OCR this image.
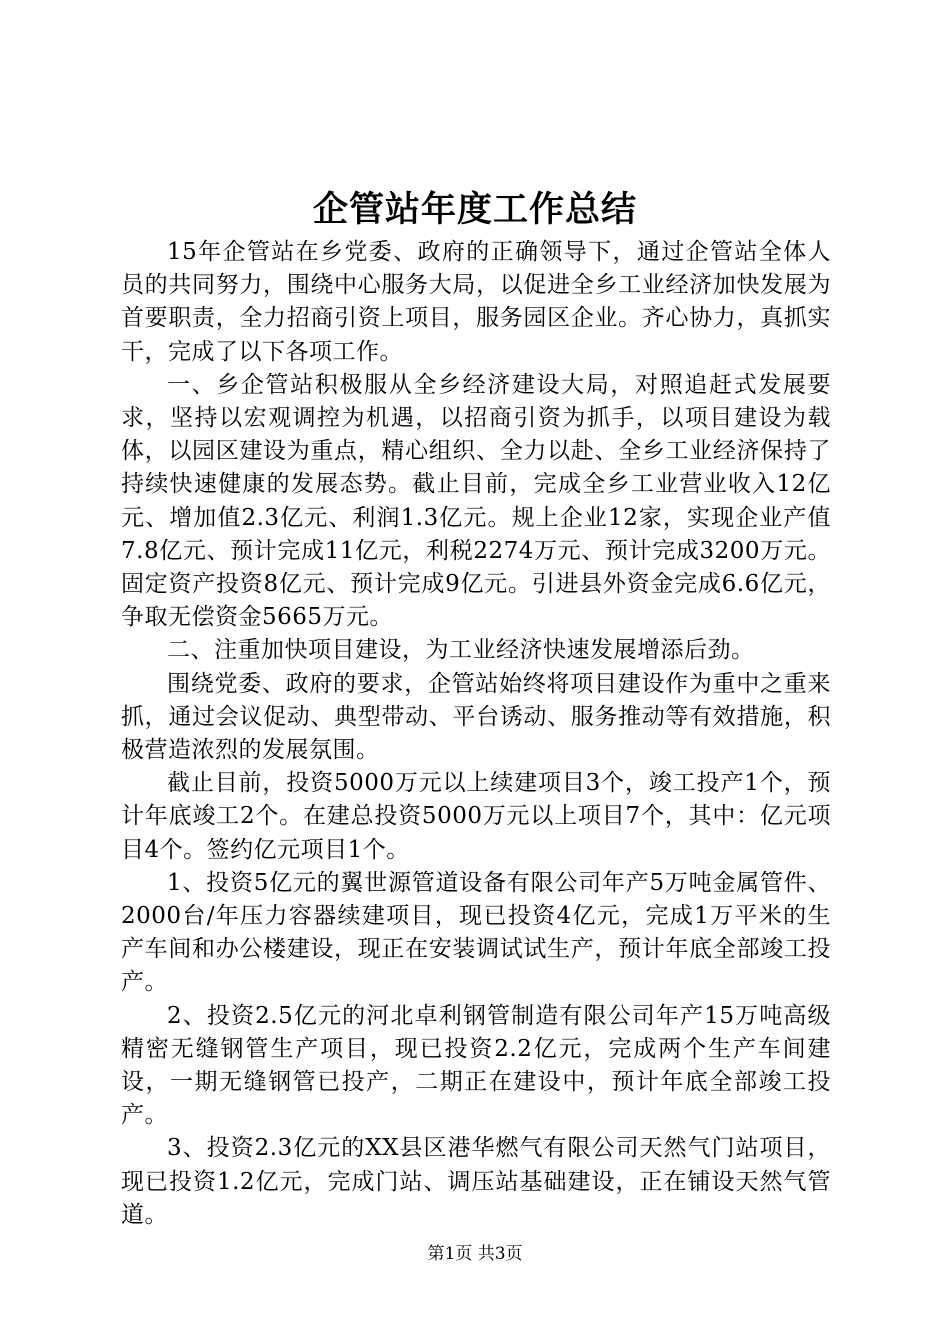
企管站年度工作总结

15年企管站在乡党委、政府的正确领导下，通过企管站全体人员的共同努力，围绕中心服务大局，以促进全乡工业经济加快发展为首要职责，全力招商引资上项目，服务园区企业。齐心协力，真抓实干，完成了以下各项工作。

一、乡企管站积极服从全乡经济建设大局，对照追赶式发展要求，坚持以宏观调控为机遇，以招商引资为抓手，以项目建设为载体，以园区建设为重点，精心组织、全力以赴、全乡工业经济保持了持续快速健康的发展态势。截止目前，完成全乡工业营业收入12亿元、增加值2.3亿元、利润1.3亿元。规上企业12家，实现企业产值7.8亿元、预计完成11亿元，利税2274万元、预计完成3200万元。固定资产投资8亿元、预计完成9亿元。引进县外资金完成6.6亿元，争取无偿资金5665万元。

二、注重加快项目建设，为工业经济快速发展增添后劲。

围绕党委、政府的要求，企管站始终将项目建设作为重中之重来抓，通过会议促动、典型带动、平台诱动、服务推动等有效措施，积极营造浓烈的发展氛围。

截止目前，投资5000万元以上续建项目3个，竣工投产1个，预计年底竣工2个。在建总投资5000万元以上项目7个，其中：亿元项目4个。签约亿元项目1个。

1、投资5亿元的翼世源管道设备有限公司年产5万吨金属管件、2000台/年压力容器续建项目，现已投资4亿元，完成1万平米的生产车间和办公楼建设，现正在安装调试试生产，预计年底全部竣工投产。

2、投资2.5亿元的河北卓利钢管制造有限公司年产15万吨高级精密无缝钢管生产项目，现已投资2.2亿元，完成两个生产车间建设，一期无缝钢管已投产，二期正在建设中，预计年底全部竣工投产。

3、投资2.3亿元的XX县区港华燃气有限公司天然气门站项目，现已投资1.2亿元，完成门站、调压站基础建设，正在铺设天然气管道。

第1页 共3页
